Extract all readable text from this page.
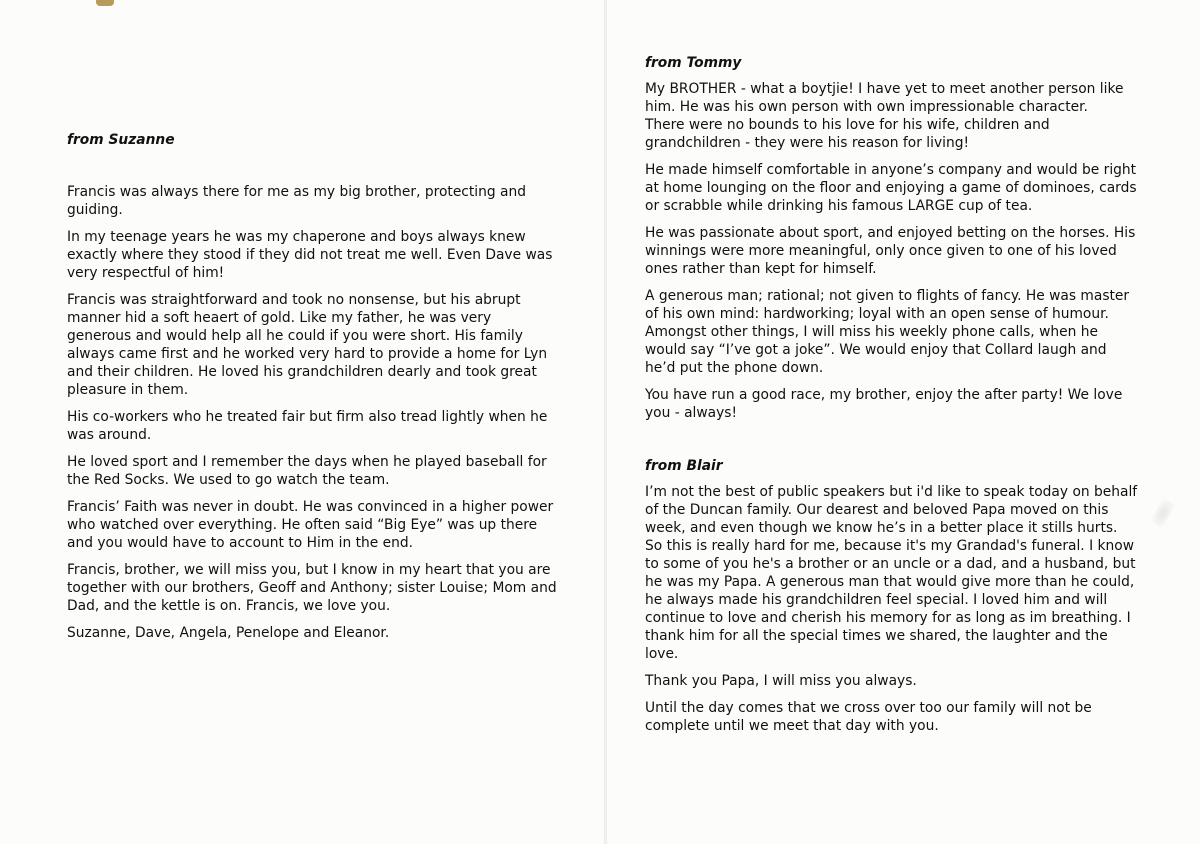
from Suzanne

Francis was always there for me as my big brother, protecting and
guiding.

In my teenage years he was my chaperone and boys always knew
exactly where they stood if they did not treat me well. Even Dave was
very respectful of him!

Francis was straightforward and took no nonsense, but his abrupt
manner hid a soft heaert of gold. Like my father, he was very
generous and would help all he could if you were short. His family
always came first and he worked very hard to provide a home for Lyn
and their children. He loved his grandchildren dearly and took great
pleasure in them.

His co-workers who he treated fair but firm also tread lightly when he
was around.

He loved sport and I remember the days when he played baseball for
the Red Socks. We used to go watch the team.

Francis’ Faith was never in doubt. He was convinced in a higher power
who watched over everything. He often said “Big Eye” was up there
and you would have to account to Him in the end.

Francis, brother, we will miss you, but I know in my heart that you are
together with our brothers, Geoff and Anthony; sister Louise; Mom and
Dad, and the kettle is on. Francis, we love you.

Suzanne, Dave, Angela, Penelope and Eleanor.

from Tommy

My BROTHER - what a boytjie! I have yet to meet another person like
him. He was his own person with own impressionable character.
There were no bounds to his love for his wife, children and
grandchildren - they were his reason for living!

He made himself comfortable in anyone’s company and would be right
at home lounging on the floor and enjoying a game of dominoes, cards
or scrabble while drinking his famous LARGE cup of tea.

He was passionate about sport, and enjoyed betting on the horses. His
winnings were more meaningful, only once given to one of his loved
ones rather than kept for himself.

A generous man; rational; not given to flights of fancy. He was master
of his own mind: hardworking; loyal with an open sense of humour.
Amongst other things, I will miss his weekly phone calls, when he
would say “I’ve got a joke”. We would enjoy that Collard laugh and
he’d put the phone down.

You have run a good race, my brother, enjoy the after party! We love
you - always!

from Blair

I’m not the best of public speakers but i'd like to speak today on behalf
of the Duncan family. Our dearest and beloved Papa moved on this
week, and even though we know he’s in a better place it stills hurts.
So this is really hard for me, because it's my Grandad's funeral. I know
to some of you he's a brother or an uncle or a dad, and a husband, but
he was my Papa. A generous man that would give more than he could,
he always made his grandchildren feel special. I loved him and will
continue to love and cherish his memory for as long as im breathing. I
thank him for all the special times we shared, the laughter and the
love.

Thank you Papa, I will miss you always.

Until the day comes that we cross over too our family will not be
complete until we meet that day with you.
